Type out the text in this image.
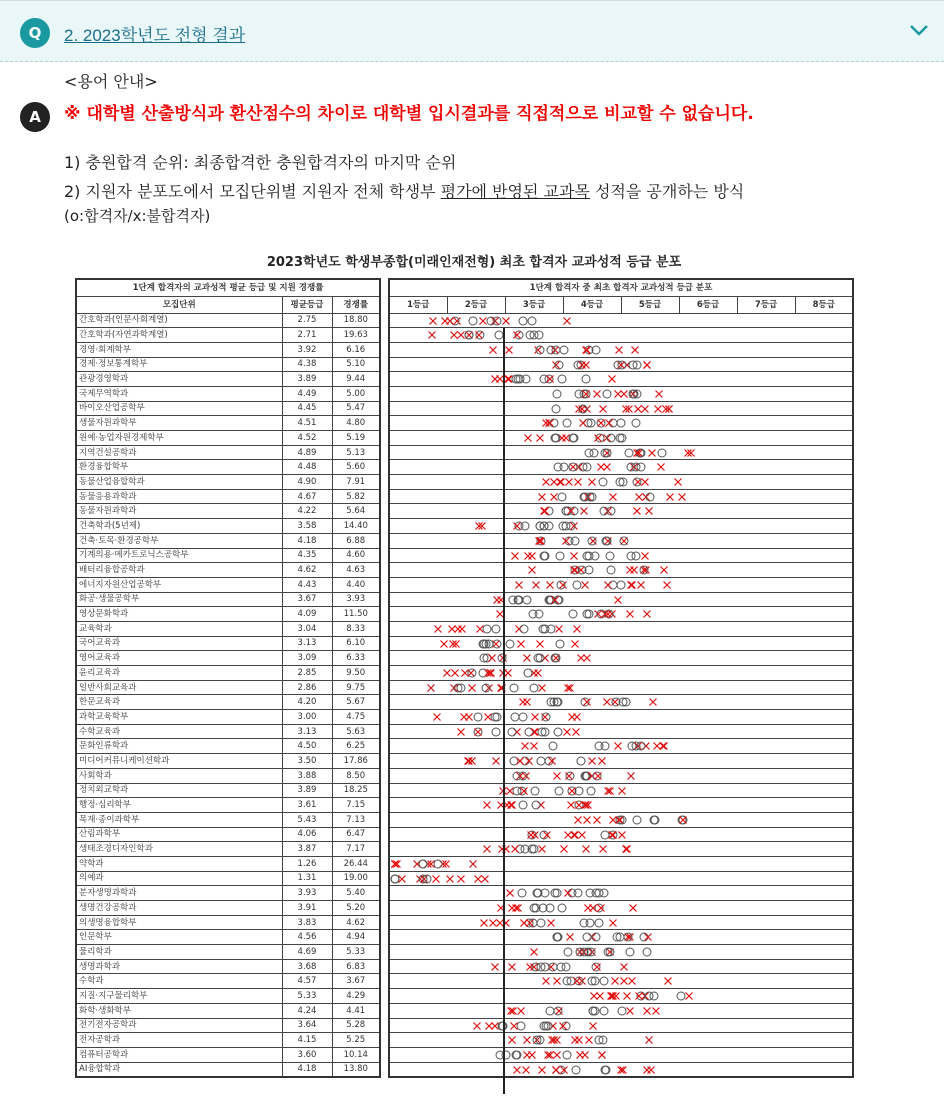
Q	2. 2023학년도 전형 결과
<용어 안내>
A	※ 대학별 산출방식과 환산점수의 차이로 대학별 입시결과를 직접적으로 비교할 수 없습니다.
1) 충원합격 순위: 최종합격한 충원합격자의 마지막 순위
2) 지원자 분포도에서 모집단위별 지원자 전체 학생부 평가에 반영된 교과목 성적을 공개하는 방식
(o:합격자/x:불합격자)
2023학년도 학생부종합(미래인재전형) 최초 합격자 교과성적 등급 분포
1단계 합격자의 교과성적 평균 등급 및 지원 경쟁률		
모집단위	평균등급	경쟁률
간호학과(인문사회계열)	2.75	18.80
간호학과(자연과학계열)	2.71	19.63
경영·회계학부	3.92	6.16
경제·정보통계학부	4.38	5.10
관광경영학과	3.89	9.44
국제무역학과	4.49	5.00
바이오산업공학부	4.45	5.47
생물자원과학부	4.51	4.80
원예·농업자원경제학부	4.52	5.19
지역건설공학과	4.89	5.13
환경융합학부	4.48	5.60
동물산업융합학과	4.90	7.91
동물응용과학과	4.67	5.82
동물자원과학과	4.22	5.64
건축학과(5년제)	3.58	14.40
건축·토목·환경공학부	4.18	6.88
기계의용·메카트로닉스공학부	4.35	4.60
배터리융합공학과	4.62	4.63
에너지자원산업공학부	4.43	4.40
화공·생물공학부	3.67	3.93
영상문화학과	4.09	11.50
교육학과	3.04	8.33
국어교육과	3.13	6.10
영어교육과	3.09	6.33
윤리교육과	2.85	9.50
일반사회교육과	2.86	9.75
한문교육과	4.20	5.67
과학교육학부	3.00	4.75
수학교육과	3.13	5.63
문화인류학과	4.50	6.25
미디어커뮤니케이션학과	3.50	17.86
사회학과	3.88	8.50
정치외교학과	3.89	18.25
행정·심리학부	3.61	7.15
목재·종이과학부	5.43	7.13
산림과학부	4.06	6.47
생태조경디자인학과	3.87	7.17
약학과	1.26	26.44
의예과	1.31	19.00
분자생명과학과	3.93	5.40
생명건강공학과	3.91	5.20
의생명융합학부	3.83	4.62
인문학부	4.56	4.94
물리학과	4.69	5.33
생명과학과	3.68	6.83
수학과	4.57	3.67
지질·지구물리학부	5.33	4.29
화학·생화학부	4.24	4.41
전기전자공학과	3.64	5.28
전자공학과	4.15	5.25
컴퓨터공학과	3.60	10.14
AI융합학과	4.18	13.80
1단계 합격자 중 최초 합격자 교과성적 등급 분포
1등급	2등급	3등급	4등급	5등급	6등급	7등급	8등급
